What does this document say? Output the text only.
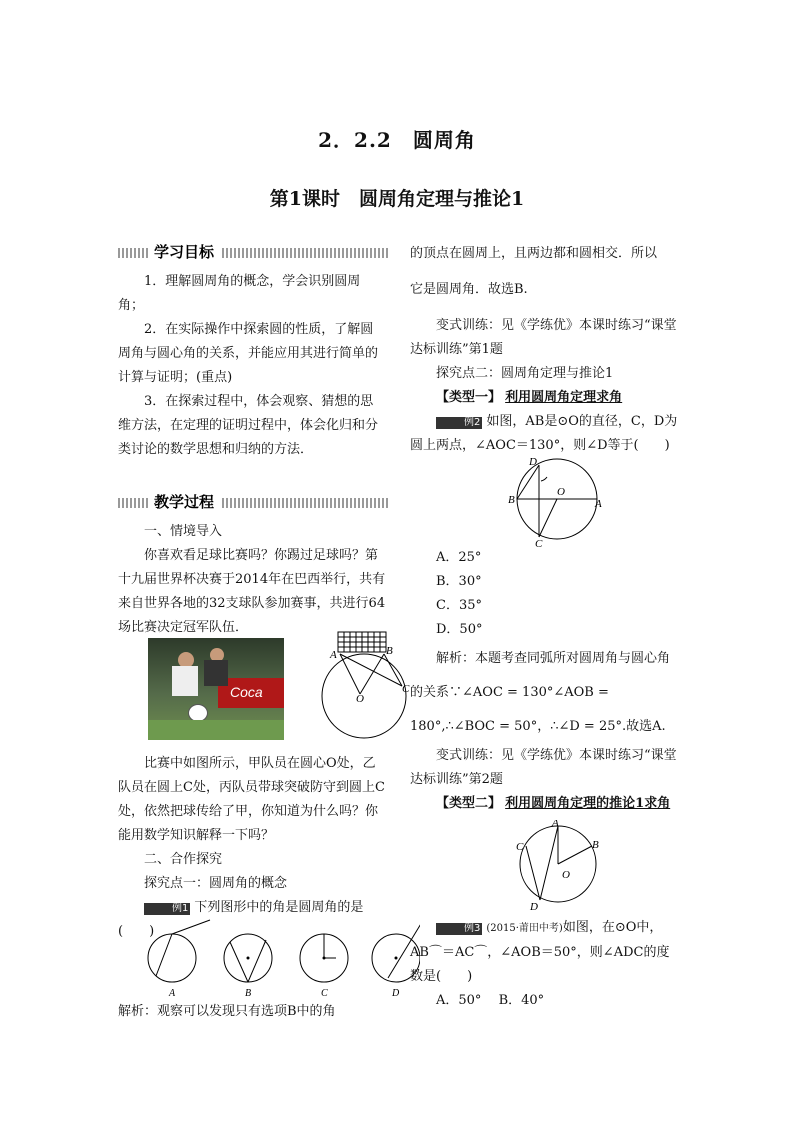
2．2.2　圆周角
第1课时　圆周角定理与推论1
学习目标

1．理解圆周角的概念，学会识别圆周角；

2．在实际操作中探索圆的性质，了解圆周角与圆心角的关系，并能应用其进行简单的计算与证明；(重点)

3．在探索过程中，体会观察、猜想的思维方法，在定理的证明过程中，体会化归和分类讨论的数学思想和归纳的方法．

教学过程

一、情境导入

你喜欢看足球比赛吗？你踢过足球吗？第十九届世界杯决赛于2014年在巴西举行，共有来自世界各地的32支球队参加赛事，共进行64场比赛决定冠军队伍．

Coca
A	B
C
O

比赛中如图所示，甲队员在圆心O处，乙队员在圆上C处，丙队员带球突破防守到圆上C处，依然把球传给了甲，你知道为什么吗？你能用数学知识解释一下吗？

二、合作探究

探究点一：圆周角的概念

例1 下列图形中的角是圆周角的是(　　)

A	B	C	D
解析：观察可以发现只有选项B中的角

的顶点在圆周上，且两边都和圆相交．所以

它是圆周角．故选B.

变式训练：见《学练优》本课时练习“课堂达标训练”第1题

探究点二：圆周角定理与推论1

【类型一】 利用圆周角定理求角

例2 如图，AB是⊙O的直径，C，D为圆上两点，∠AOC＝130°，则∠D等于(　　)

D
B	A
O
C

A．25°

B．30°

C．35°

D．50°

解析：本题考查同弧所对圆周角与圆心角的关系∵∠AOC = 130°∠AOB = 180°,∴∠BOC = 50°，∴∠D = 25°.故选A.

变式训练：见《学练优》本课时练习“课堂达标训练”第2题

【类型二】 利用圆周角定理的推论1求角

A
C	B
O
D

例3 (2015·莆田中考)如图，在⊙O中，AB⌒＝AC⌒，∠AOB＝50°，则∠ADC的度数是(　　)

A．50°　 B．40°
